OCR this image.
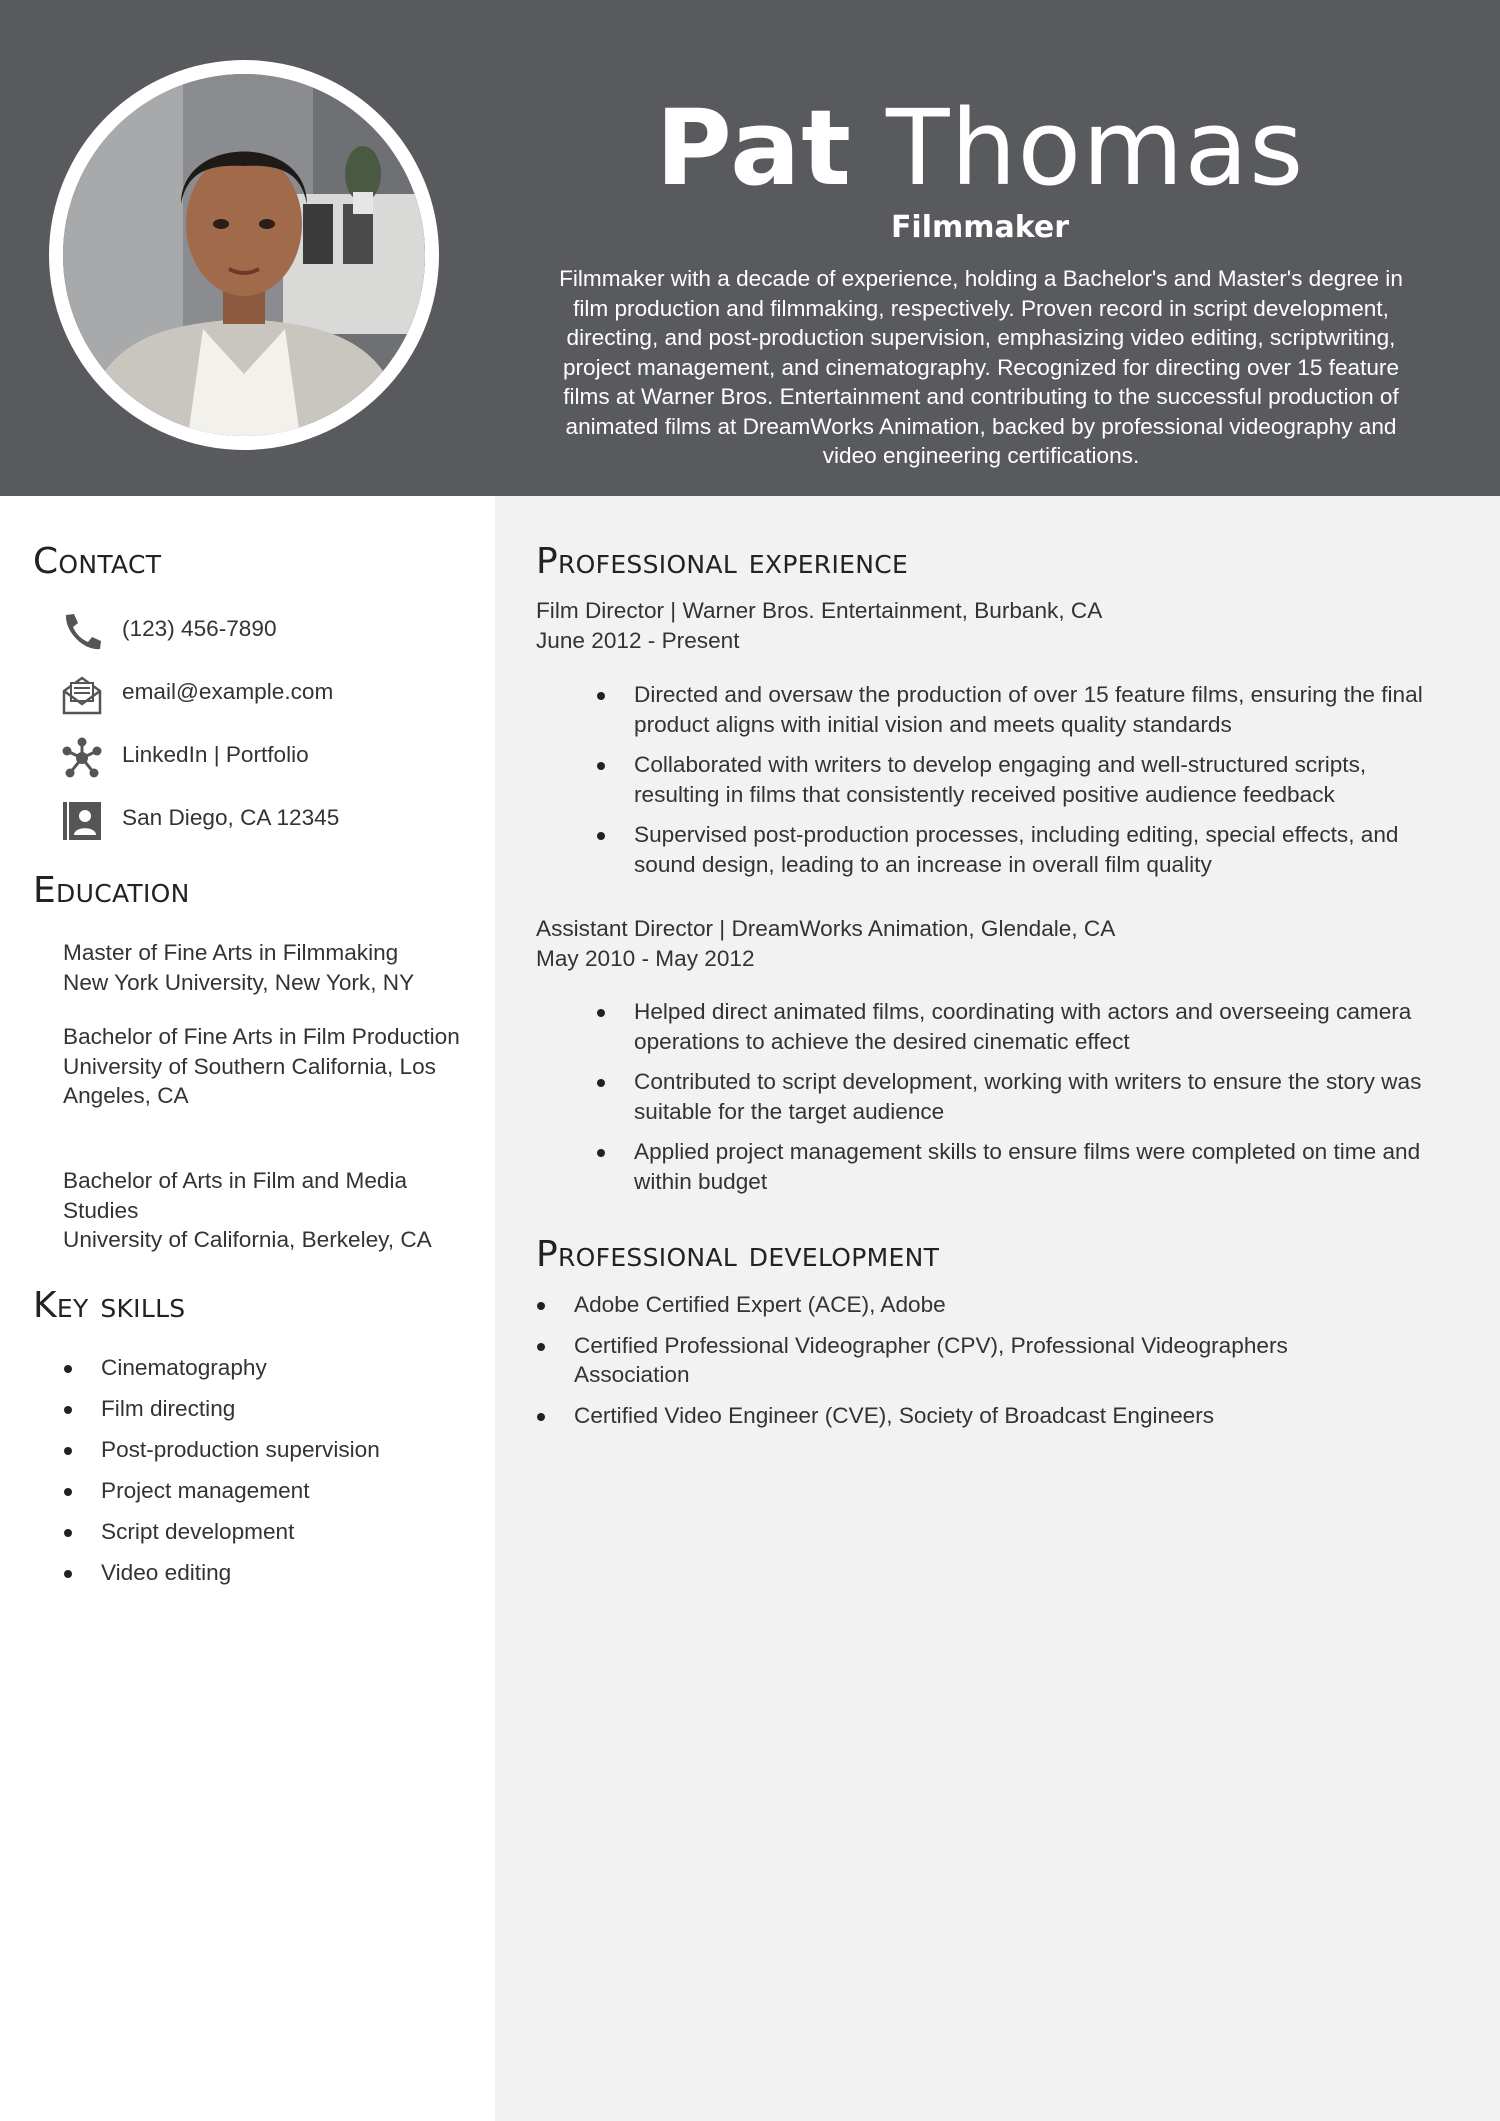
Pat Thomas
Filmmaker
Filmmaker with a decade of experience, holding a Bachelor's and Master's degree in film production and filmmaking, respectively. Proven record in script development, directing, and post-production supervision, emphasizing video editing, scriptwriting, project management, and cinematography. Recognized for directing over 15 feature films at Warner Bros. Entertainment and contributing to the successful production of animated films at DreamWorks Animation, backed by professional videography and video engineering certifications.
Contact
(123) 456-7890
email@example.com
LinkedIn | Portfolio
San Diego, CA 12345
Education
Master of Fine Arts in Filmmaking
New York University, New York, NY
Bachelor of Fine Arts in Film Production
University of Southern California, Los Angeles, CA
Bachelor of Arts in Film and Media Studies
University of California, Berkeley, CA
Key skills
Cinematography
Film directing
Post-production supervision
Project management
Script development
Video editing
Professional experience
Film Director | Warner Bros. Entertainment, Burbank, CA
June 2012 - Present
Directed and oversaw the production of over 15 feature films, ensuring the final product aligns with initial vision and meets quality standards
Collaborated with writers to develop engaging and well-structured scripts, resulting in films that consistently received positive audience feedback
Supervised post-production processes, including editing, special effects, and sound design, leading to an increase in overall film quality
Assistant Director | DreamWorks Animation, Glendale, CA
May 2010 - May 2012
Helped direct animated films, coordinating with actors and overseeing camera operations to achieve the desired cinematic effect
Contributed to script development, working with writers to ensure the story was suitable for the target audience
Applied project management skills to ensure films were completed on time and within budget
Professional development
Adobe Certified Expert (ACE), Adobe
Certified Professional Videographer (CPV), Professional Videographers Association
Certified Video Engineer (CVE), Society of Broadcast Engineers
